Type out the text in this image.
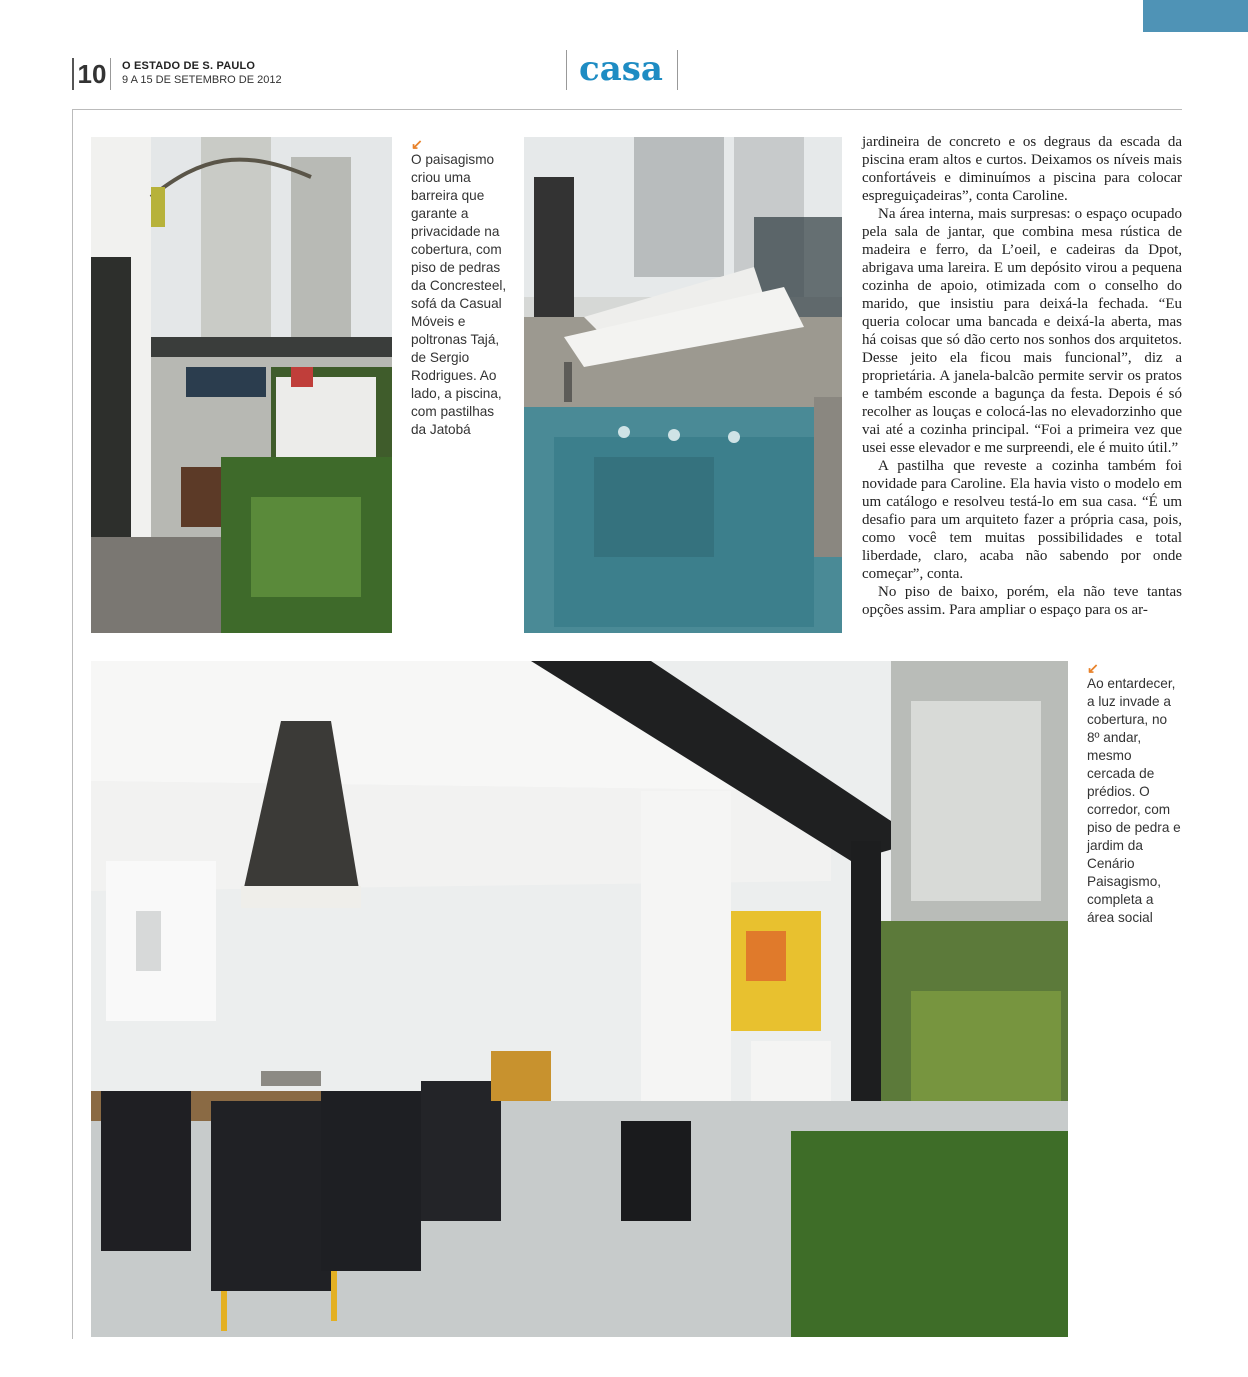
10	O ESTADO DE S. PAULO
9 A 15 DE SETEMBRO DE 2012	casa
↙
O paisagismo criou uma barreira que garante a privacidade na cobertura, com piso de pedras da Concresteel, sofá da Casual Móveis e poltronas Tajá, de Sergio Rodrigues. Ao lado, a piscina, com pastilhas da Jatobá

jardineira de concreto e os degraus da escada da piscina eram altos e curtos. Deixamos os níveis mais confortáveis e diminuímos a piscina para colocar espreguiçadeiras”, conta Caroline.

Na área interna, mais surpresas: o espaço ocupado pela sala de jantar, que combina mesa rústica de madeira e ferro, da L’oeil, e cadeiras da Dpot, abrigava uma lareira. E um depósito virou a pequena cozinha de apoio, otimizada com o conselho do marido, que insistiu para deixá-la fechada. “Eu queria colocar uma bancada e deixá-la aberta, mas há coisas que só dão certo nos sonhos dos arquitetos. Desse jeito ela ficou mais funcional”, diz a proprietária. A janela-balcão permite servir os pratos e também esconde a bagunça da festa. Depois é só recolher as louças e colocá-las no elevadorzinho que vai até a cozinha principal. “Foi a primeira vez que usei esse elevador e me surpreendi, ele é muito útil.”

A pastilha que reveste a cozinha também foi novidade para Caroline. Ela havia visto o modelo em um catálogo e resolveu testá-lo em sua casa. “É um desafio para um arquiteto fazer a própria casa, pois, como você tem muitas possibilidades e total liberdade, claro, acaba não sabendo por onde começar”, conta.

No piso de baixo, porém, ela não teve tantas opções assim. Para ampliar o espaço para os ar-

↙
Ao entardecer, a luz invade a cobertura, no 8º andar, mesmo cercada de prédios. O corredor, com piso de pedra e jardim da Cenário Paisagismo, completa a área social
